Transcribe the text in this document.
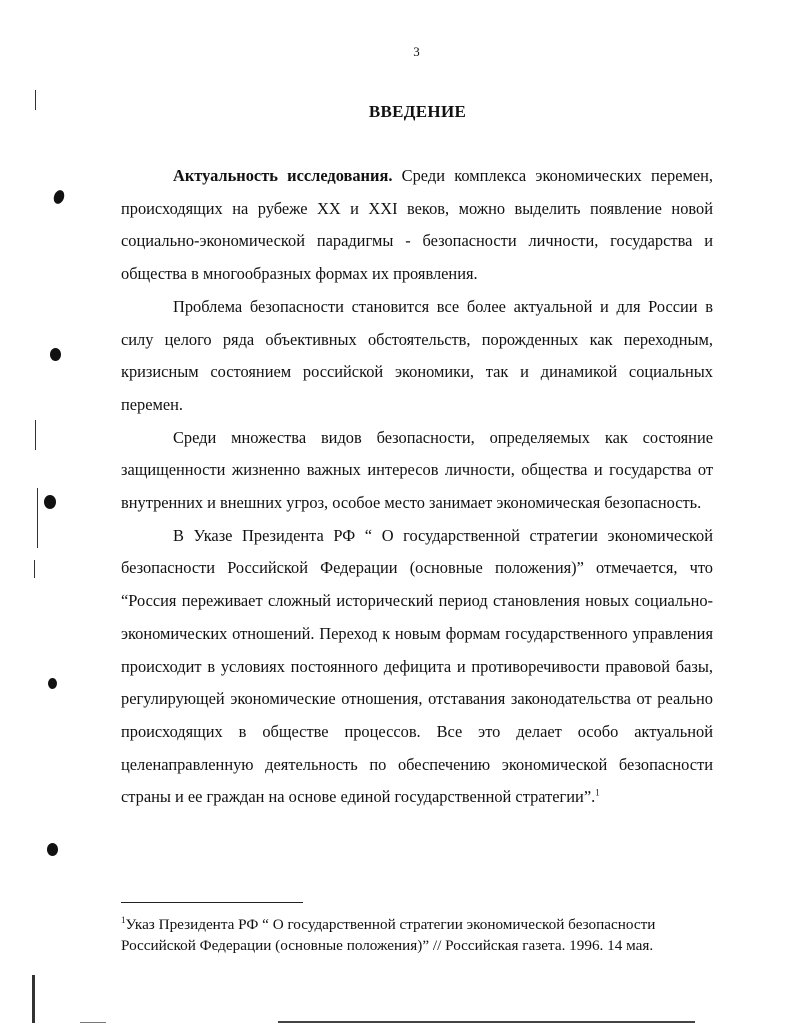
3
ВВЕДЕНИЕ

Актуальность исследования. Среди комплекса экономических перемен, происходящих на рубеже XX и XXI веков, можно выделить появление новой социально-экономической парадигмы - безопасности личности, государства и общества в многообразных формах их проявления.

Проблема безопасности становится все более актуальной и для России в силу целого ряда объективных обстоятельств, порожденных как переходным, кризисным состоянием российской экономики, так и динамикой социальных перемен.

Среди множества видов безопасности, определяемых как состояние защищенности жизненно важных интересов личности, общества и государства от внутренних и внешних угроз, особое место занимает экономическая безопасность.

В Указе Президента РФ “ О государственной стратегии экономической безопасности Российской Федерации (основные положения)” отмечается, что “Россия переживает сложный исторический период становления новых социально-экономических отношений. Переход к новым формам государственного управления происходит в условиях постоянного дефицита и противоречивости правовой базы, регулирующей экономические отношения, отставания законодательства от реально происходящих в обществе процессов. Все это делает особо актуальной целенаправленную деятельность по обеспечению экономической безопасности страны и ее граждан на основе единой государственной стратегии”.$^1$

$^1$Указ Президента РФ “ О государственной стратегии экономической безопасности Российской Федерации (основные положения)” // Российская газета. 1996. 14 мая.
